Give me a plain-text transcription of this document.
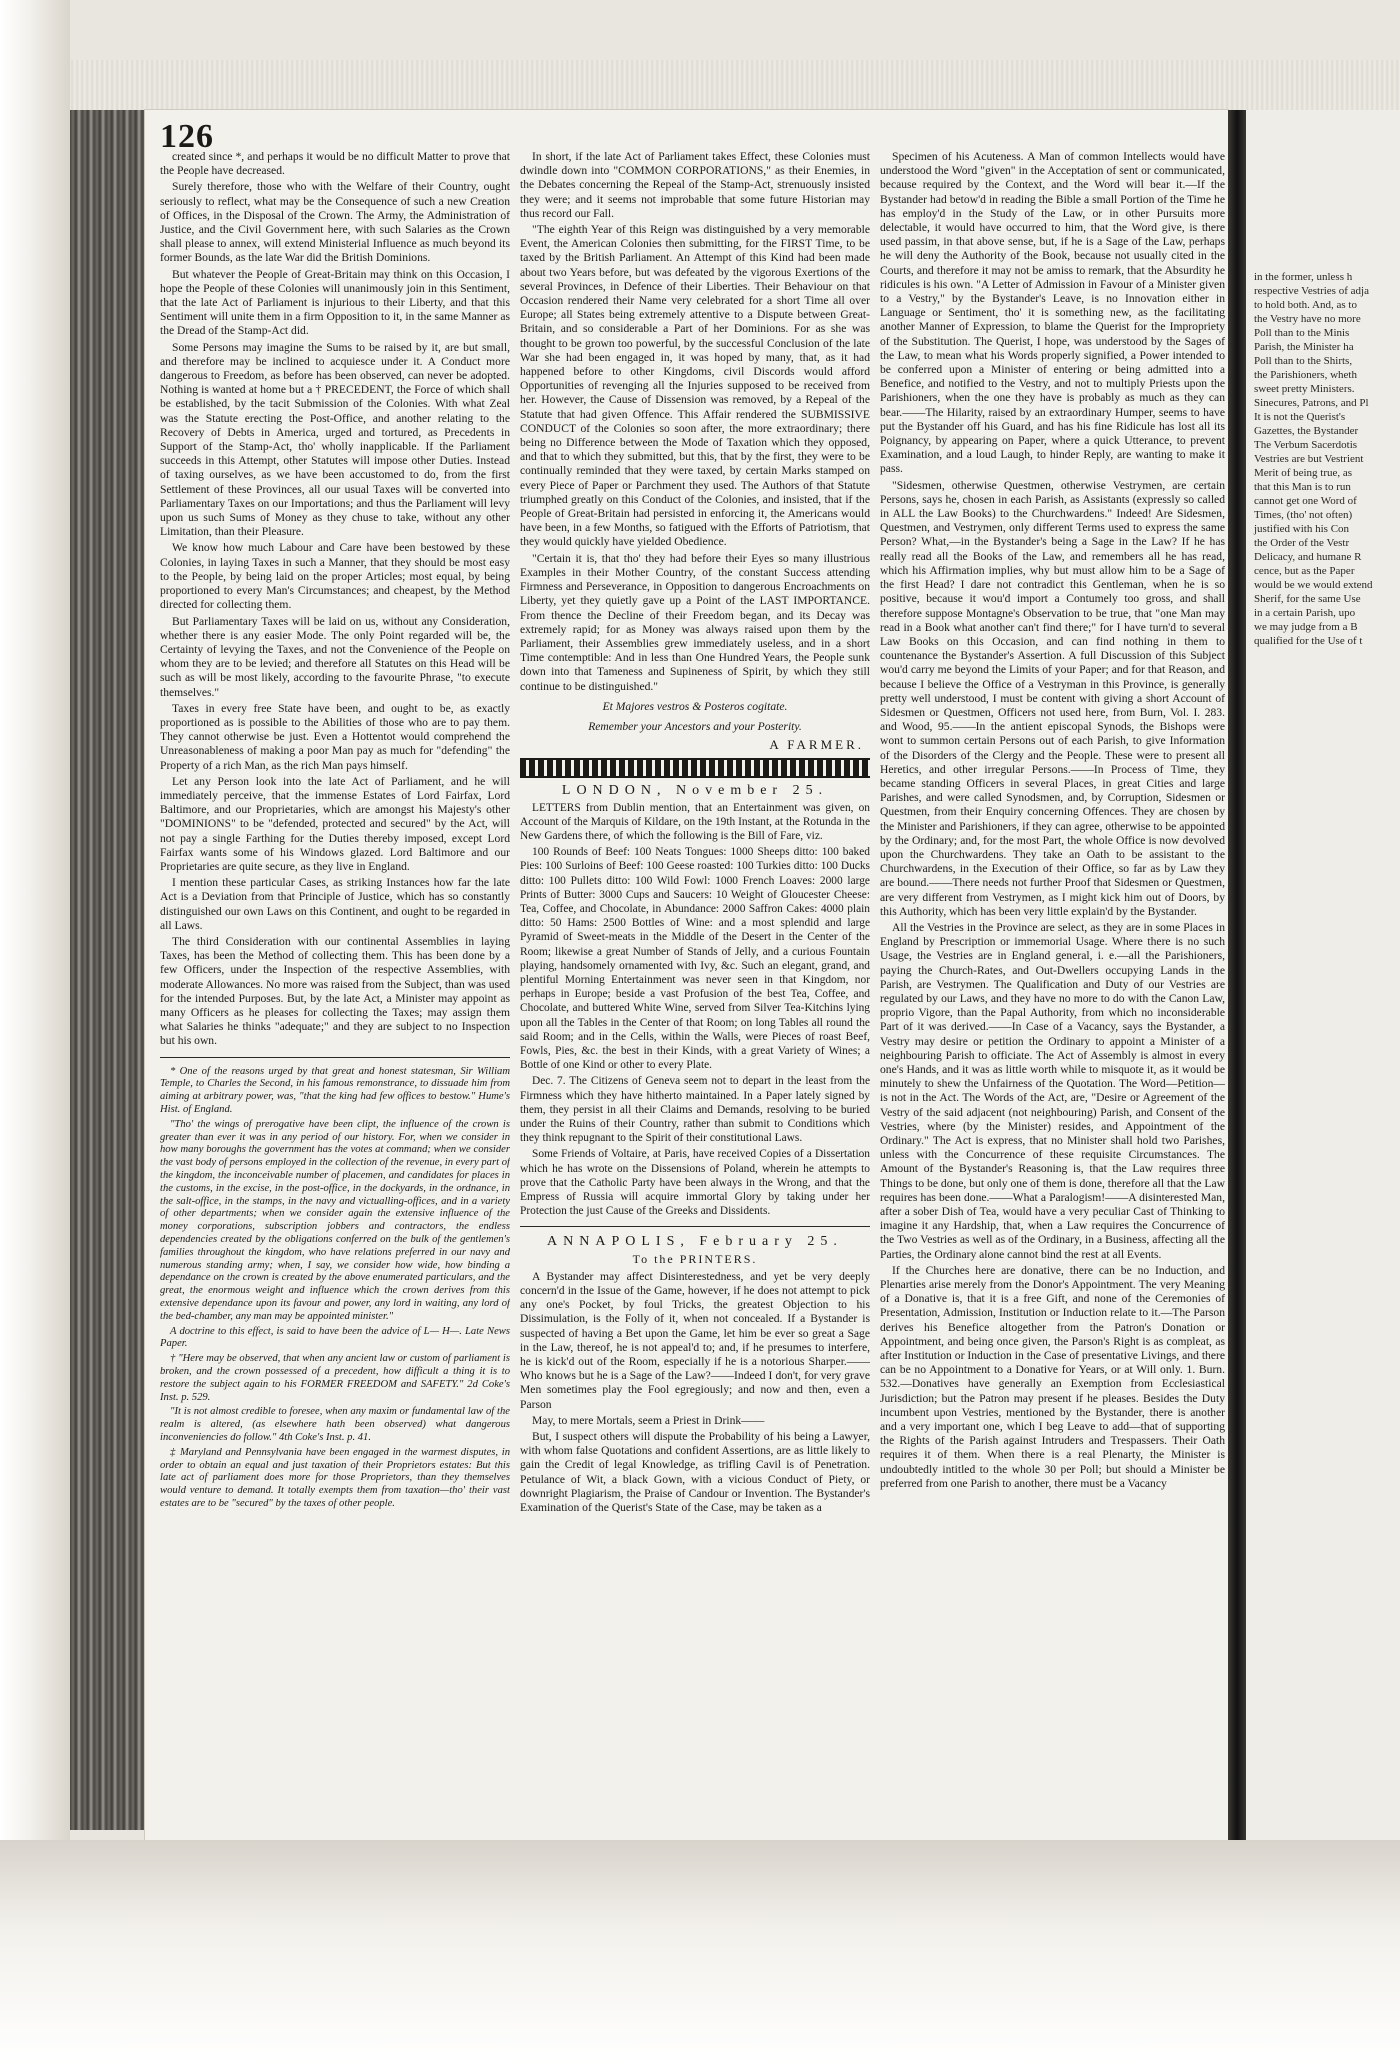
126

created since *, and perhaps it would be no difficult Matter to prove that the People have decreased.

Surely therefore, those who with the Welfare of their Country, ought seriously to reflect, what may be the Consequence of such a new Creation of Offices, in the Disposal of the Crown. The Army, the Administration of Justice, and the Civil Government here, with such Salaries as the Crown shall please to annex, will extend Ministerial Influence as much beyond its former Bounds, as the late War did the British Dominions.

But whatever the People of Great-Britain may think on this Occasion, I hope the People of these Colonies will unanimously join in this Sentiment, that the late Act of Parliament is injurious to their Liberty, and that this Sentiment will unite them in a firm Opposition to it, in the same Manner as the Dread of the Stamp-Act did.

Some Persons may imagine the Sums to be raised by it, are but small, and therefore may be inclined to acquiesce under it. A Conduct more dangerous to Freedom, as before has been observed, can never be adopted. Nothing is wanted at home but a † PRECEDENT, the Force of which shall be established, by the tacit Submission of the Colonies. With what Zeal was the Statute erecting the Post-Office, and another relating to the Recovery of Debts in America, urged and tortured, as Precedents in Support of the Stamp-Act, tho' wholly inapplicable. If the Parliament succeeds in this Attempt, other Statutes will impose other Duties. Instead of taxing ourselves, as we have been accustomed to do, from the first Settlement of these Provinces, all our usual Taxes will be converted into Parliamentary Taxes on our Importations; and thus the Parliament will levy upon us such Sums of Money as they chuse to take, without any other Limitation, than their Pleasure.

We know how much Labour and Care have been bestowed by these Colonies, in laying Taxes in such a Manner, that they should be most easy to the People, by being laid on the proper Articles; most equal, by being proportioned to every Man's Circumstances; and cheapest, by the Method directed for collecting them.

But Parliamentary Taxes will be laid on us, without any Consideration, whether there is any easier Mode. The only Point regarded will be, the Certainty of levying the Taxes, and not the Convenience of the People on whom they are to be levied; and therefore all Statutes on this Head will be such as will be most likely, according to the favourite Phrase, "to execute themselves."

Taxes in every free State have been, and ought to be, as exactly proportioned as is possible to the Abilities of those who are to pay them. They cannot otherwise be just. Even a Hottentot would comprehend the Unreasonableness of making a poor Man pay as much for "defending" the Property of a rich Man, as the rich Man pays himself.

Let any Person look into the late Act of Parliament, and he will immediately perceive, that the immense Estates of Lord Fairfax, Lord Baltimore, and our Proprietaries, which are amongst his Majesty's other "DOMINIONS" to be "defended, protected and secured" by the Act, will not pay a single Farthing for the Duties thereby imposed, except Lord Fairfax wants some of his Windows glazed. Lord Baltimore and our Proprietaries are quite secure, as they live in England.

I mention these particular Cases, as striking Instances how far the late Act is a Deviation from that Principle of Justice, which has so constantly distinguished our own Laws on this Continent, and ought to be regarded in all Laws.

The third Consideration with our continental Assemblies in laying Taxes, has been the Method of collecting them. This has been done by a few Officers, under the Inspection of the respective Assemblies, with moderate Allowances. No more was raised from the Subject, than was used for the intended Purposes. But, by the late Act, a Minister may appoint as many Officers as he pleases for collecting the Taxes; may assign them what Salaries he thinks "adequate;" and they are subject to no Inspection but his own.

* One of the reasons urged by that great and honest statesman, Sir William Temple, to Charles the Second, in his famous remonstrance, to dissuade him from aiming at arbitrary power, was, "that the king had few offices to bestow." Hume's Hist. of England.

"Tho' the wings of prerogative have been clipt, the influence of the crown is greater than ever it was in any period of our history. For, when we consider in how many boroughs the government has the votes at command; when we consider the vast body of persons employed in the collection of the revenue, in every part of the kingdom, the inconceivable number of placemen, and candidates for places in the customs, in the excise, in the post-office, in the dockyards, in the ordnance, in the salt-office, in the stamps, in the navy and victualling-offices, and in a variety of other departments; when we consider again the extensive influence of the money corporations, subscription jobbers and contractors, the endless dependencies created by the obligations conferred on the bulk of the gentlemen's families throughout the kingdom, who have relations preferred in our navy and numerous standing army; when, I say, we consider how wide, how binding a dependance on the crown is created by the above enumerated particulars, and the great, the enormous weight and influence which the crown derives from this extensive dependance upon its favour and power, any lord in waiting, any lord of the bed-chamber, any man may be appointed minister."

A doctrine to this effect, is said to have been the advice of L— H—. Late News Paper.

† "Here may be observed, that when any ancient law or custom of parliament is broken, and the crown possessed of a precedent, how difficult a thing it is to restore the subject again to his FORMER FREEDOM and SAFETY." 2d Coke's Inst. p. 529.

"It is not almost credible to foresee, when any maxim or fundamental law of the realm is altered, (as elsewhere hath been observed) what dangerous inconveniencies do follow." 4th Coke's Inst. p. 41.

‡ Maryland and Pennsylvania have been engaged in the warmest disputes, in order to obtain an equal and just taxation of their Proprietors estates: But this late act of parliament does more for those Proprietors, than they themselves would venture to demand. It totally exempts them from taxation—tho' their vast estates are to be "secured" by the taxes of other people.

In short, if the late Act of Parliament takes Effect, these Colonies must dwindle down into "COMMON CORPORATIONS," as their Enemies, in the Debates concerning the Repeal of the Stamp-Act, strenuously insisted they were; and it seems not improbable that some future Historian may thus record our Fall.

"The eighth Year of this Reign was distinguished by a very memorable Event, the American Colonies then submitting, for the FIRST Time, to be taxed by the British Parliament. An Attempt of this Kind had been made about two Years before, but was defeated by the vigorous Exertions of the several Provinces, in Defence of their Liberties. Their Behaviour on that Occasion rendered their Name very celebrated for a short Time all over Europe; all States being extremely attentive to a Dispute between Great-Britain, and so considerable a Part of her Dominions. For as she was thought to be grown too powerful, by the successful Conclusion of the late War she had been engaged in, it was hoped by many, that, as it had happened before to other Kingdoms, civil Discords would afford Opportunities of revenging all the Injuries supposed to be received from her. However, the Cause of Dissension was removed, by a Repeal of the Statute that had given Offence. This Affair rendered the SUBMISSIVE CONDUCT of the Colonies so soon after, the more extraordinary; there being no Difference between the Mode of Taxation which they opposed, and that to which they submitted, but this, that by the first, they were to be continually reminded that they were taxed, by certain Marks stamped on every Piece of Paper or Parchment they used. The Authors of that Statute triumphed greatly on this Conduct of the Colonies, and insisted, that if the People of Great-Britain had persisted in enforcing it, the Americans would have been, in a few Months, so fatigued with the Efforts of Patriotism, that they would quickly have yielded Obedience.

"Certain it is, that tho' they had before their Eyes so many illustrious Examples in their Mother Country, of the constant Success attending Firmness and Perseverance, in Opposition to dangerous Encroachments on Liberty, yet they quietly gave up a Point of the LAST IMPORTANCE. From thence the Decline of their Freedom began, and its Decay was extremely rapid; for as Money was always raised upon them by the Parliament, their Assemblies grew immediately useless, and in a short Time contemptible: And in less than One Hundred Years, the People sunk down into that Tameness and Supineness of Spirit, by which they still continue to be distinguished."

Et Majores vestros & Posteros cogitate.
Remember your Ancestors and your Posterity.
A FARMER.
LONDON, November 25.

LETTERS from Dublin mention, that an Entertainment was given, on Account of the Marquis of Kildare, on the 19th Instant, at the Rotunda in the New Gardens there, of which the following is the Bill of Fare, viz.

100 Rounds of Beef: 100 Neats Tongues: 1000 Sheeps ditto: 100 baked Pies: 100 Surloins of Beef: 100 Geese roasted: 100 Turkies ditto: 100 Ducks ditto: 100 Pullets ditto: 100 Wild Fowl: 1000 French Loaves: 2000 large Prints of Butter: 3000 Cups and Saucers: 10 Weight of Gloucester Cheese: Tea, Coffee, and Chocolate, in Abundance: 2000 Saffron Cakes: 4000 plain ditto: 50 Hams: 2500 Bottles of Wine: and a most splendid and large Pyramid of Sweet-meats in the Middle of the Desert in the Center of the Room; likewise a great Number of Stands of Jelly, and a curious Fountain playing, handsomely ornamented with Ivy, &c. Such an elegant, grand, and plentiful Morning Entertainment was never seen in that Kingdom, nor perhaps in Europe; beside a vast Profusion of the best Tea, Coffee, and Chocolate, and buttered White Wine, served from Silver Tea-Kitchins lying upon all the Tables in the Center of that Room; on long Tables all round the said Room; and in the Cells, within the Walls, were Pieces of roast Beef, Fowls, Pies, &c. the best in their Kinds, with a great Variety of Wines; a Bottle of one Kind or other to every Plate.

Dec. 7. The Citizens of Geneva seem not to depart in the least from the Firmness which they have hitherto maintained. In a Paper lately signed by them, they persist in all their Claims and Demands, resolving to be buried under the Ruins of their Country, rather than submit to Conditions which they think repugnant to the Spirit of their constitutional Laws.

Some Friends of Voltaire, at Paris, have received Copies of a Dissertation which he has wrote on the Dissensions of Poland, wherein he attempts to prove that the Catholic Party have been always in the Wrong, and that the Empress of Russia will acquire immortal Glory by taking under her Protection the just Cause of the Greeks and Dissidents.

ANNAPOLIS, February 25.
To the PRINTERS.

A Bystander may affect Disinterestedness, and yet be very deeply concern'd in the Issue of the Game, however, if he does not attempt to pick any one's Pocket, by foul Tricks, the greatest Objection to his Dissimulation, is the Folly of it, when not concealed. If a Bystander is suspected of having a Bet upon the Game, let him be ever so great a Sage in the Law, thereof, he is not appeal'd to; and, if he presumes to interfere, he is kick'd out of the Room, especially if he is a notorious Sharper.——Who knows but he is a Sage of the Law?——Indeed I don't, for very grave Men sometimes play the Fool egregiously; and now and then, even a Parson

May, to mere Mortals, seem a Priest in Drink——

But, I suspect others will dispute the Probability of his being a Lawyer, with whom false Quotations and confident Assertions, are as little likely to gain the Credit of legal Knowledge, as trifling Cavil is of Penetration. Petulance of Wit, a black Gown, with a vicious Conduct of Piety, or downright Plagiarism, the Praise of Candour or Invention. The Bystander's Examination of the Querist's State of the Case, may be taken as a

Specimen of his Acuteness. A Man of common Intellects would have understood the Word "given" in the Acceptation of sent or communicated, because required by the Context, and the Word will bear it.—If the Bystander had betow'd in reading the Bible a small Portion of the Time he has employ'd in the Study of the Law, or in other Pursuits more delectable, it would have occurred to him, that the Word give, is there used passim, in that above sense, but, if he is a Sage of the Law, perhaps he will deny the Authority of the Book, because not usually cited in the Courts, and therefore it may not be amiss to remark, that the Absurdity he ridicules is his own. "A Letter of Admission in Favour of a Minister given to a Vestry," by the Bystander's Leave, is no Innovation either in Language or Sentiment, tho' it is something new, as the facilitating another Manner of Expression, to blame the Querist for the Impropriety of the Substitution. The Querist, I hope, was understood by the Sages of the Law, to mean what his Words properly signified, a Power intended to be conferred upon a Minister of entering or being admitted into a Benefice, and notified to the Vestry, and not to multiply Priests upon the Parishioners, when the one they have is probably as much as they can bear.——The Hilarity, raised by an extraordinary Humper, seems to have put the Bystander off his Guard, and has his fine Ridicule has lost all its Poignancy, by appearing on Paper, where a quick Utterance, to prevent Examination, and a loud Laugh, to hinder Reply, are wanting to make it pass.

"Sidesmen, otherwise Questmen, otherwise Vestrymen, are certain Persons, says he, chosen in each Parish, as Assistants (expressly so called in ALL the Law Books) to the Churchwardens." Indeed! Are Sidesmen, Questmen, and Vestrymen, only different Terms used to express the same Person? What,—in the Bystander's being a Sage in the Law? If he has really read all the Books of the Law, and remembers all he has read, which his Affirmation implies, why but must allow him to be a Sage of the first Head? I dare not contradict this Gentleman, when he is so positive, because it wou'd import a Contumely too gross, and shall therefore suppose Montagne's Observation to be true, that "one Man may read in a Book what another can't find there;" for I have turn'd to several Law Books on this Occasion, and can find nothing in them to countenance the Bystander's Assertion. A full Discussion of this Subject wou'd carry me beyond the Limits of your Paper; and for that Reason, and because I believe the Office of a Vestryman in this Province, is generally pretty well understood, I must be content with giving a short Account of Sidesmen or Questmen, Officers not used here, from Burn, Vol. I. 283. and Wood, 95.——In the antient episcopal Synods, the Bishops were wont to summon certain Persons out of each Parish, to give Information of the Disorders of the Clergy and the People. These were to present all Heretics, and other irregular Persons.——In Process of Time, they became standing Officers in several Places, in great Cities and large Parishes, and were called Synodsmen, and, by Corruption, Sidesmen or Questmen, from their Enquiry concerning Offences. They are chosen by the Minister and Parishioners, if they can agree, otherwise to be appointed by the Ordinary; and, for the most Part, the whole Office is now devolved upon the Churchwardens. They take an Oath to be assistant to the Churchwardens, in the Execution of their Office, so far as by Law they are bound.——There needs not further Proof that Sidesmen or Questmen, are very different from Vestrymen, as I might kick him out of Doors, by this Authority, which has been very little explain'd by the Bystander.

All the Vestries in the Province are select, as they are in some Places in England by Prescription or immemorial Usage. Where there is no such Usage, the Vestries are in England general, i. e.—all the Parishioners, paying the Church-Rates, and Out-Dwellers occupying Lands in the Parish, are Vestrymen. The Qualification and Duty of our Vestries are regulated by our Laws, and they have no more to do with the Canon Law, proprio Vigore, than the Papal Authority, from which no inconsiderable Part of it was derived.——In Case of a Vacancy, says the Bystander, a Vestry may desire or petition the Ordinary to appoint a Minister of a neighbouring Parish to officiate. The Act of Assembly is almost in every one's Hands, and it was as little worth while to misquote it, as it would be minutely to shew the Unfairness of the Quotation. The Word—Petition—is not in the Act. The Words of the Act, are, "Desire or Agreement of the Vestry of the said adjacent (not neighbouring) Parish, and Consent of the Vestries, where (by the Minister) resides, and Appointment of the Ordinary." The Act is express, that no Minister shall hold two Parishes, unless with the Concurrence of these requisite Circumstances. The Amount of the Bystander's Reasoning is, that the Law requires three Things to be done, but only one of them is done, therefore all that the Law requires has been done.——What a Paralogism!——A disinterested Man, after a sober Dish of Tea, would have a very peculiar Cast of Thinking to imagine it any Hardship, that, when a Law requires the Concurrence of the Two Vestries as well as of the Ordinary, in a Business, affecting all the Parties, the Ordinary alone cannot bind the rest at all Events.

If the Churches here are donative, there can be no Induction, and Plenarties arise merely from the Donor's Appointment. The very Meaning of a Donative is, that it is a free Gift, and none of the Ceremonies of Presentation, Admission, Institution or Induction relate to it.—The Parson derives his Benefice altogether from the Patron's Donation or Appointment, and being once given, the Parson's Right is as compleat, as after Institution or Induction in the Case of presentative Livings, and there can be no Appointment to a Donative for Years, or at Will only. 1. Burn. 532.—Donatives have generally an Exemption from Ecclesiastical Jurisdiction; but the Patron may present if he pleases. Besides the Duty incumbent upon Vestries, mentioned by the Bystander, there is another and a very important one, which I beg Leave to add—that of supporting the Rights of the Parish against Intruders and Trespassers. Their Oath requires it of them. When there is a real Plenarty, the Minister is undoubtedly intitled to the whole 30 per Poll; but should a Minister be preferred from one Parish to another, there must be a Vacancy

in the former, unless h
respective Vestries of adja
to hold both. And, as to
the Vestry have no more
Poll than to the Minis
Parish, the Minister ha
Poll than to the Shirts,
the Parishioners, wheth
sweet pretty Ministers.
Sinecures, Patrons, and Pl
It is not the Querist's
Gazettes, the Bystander
The Verbum Sacerdotis
Vestries are but Vestrient
Merit of being true, as
that this Man is to run
cannot get one Word of
Times, (tho' not often)
justified with his Con
the Order of the Vestr
Delicacy, and humane R
cence, but as the Paper
would be we would extend
Sherif, for the same Use
in a certain Parish, upo
we may judge from a B
qualified for the Use of t
